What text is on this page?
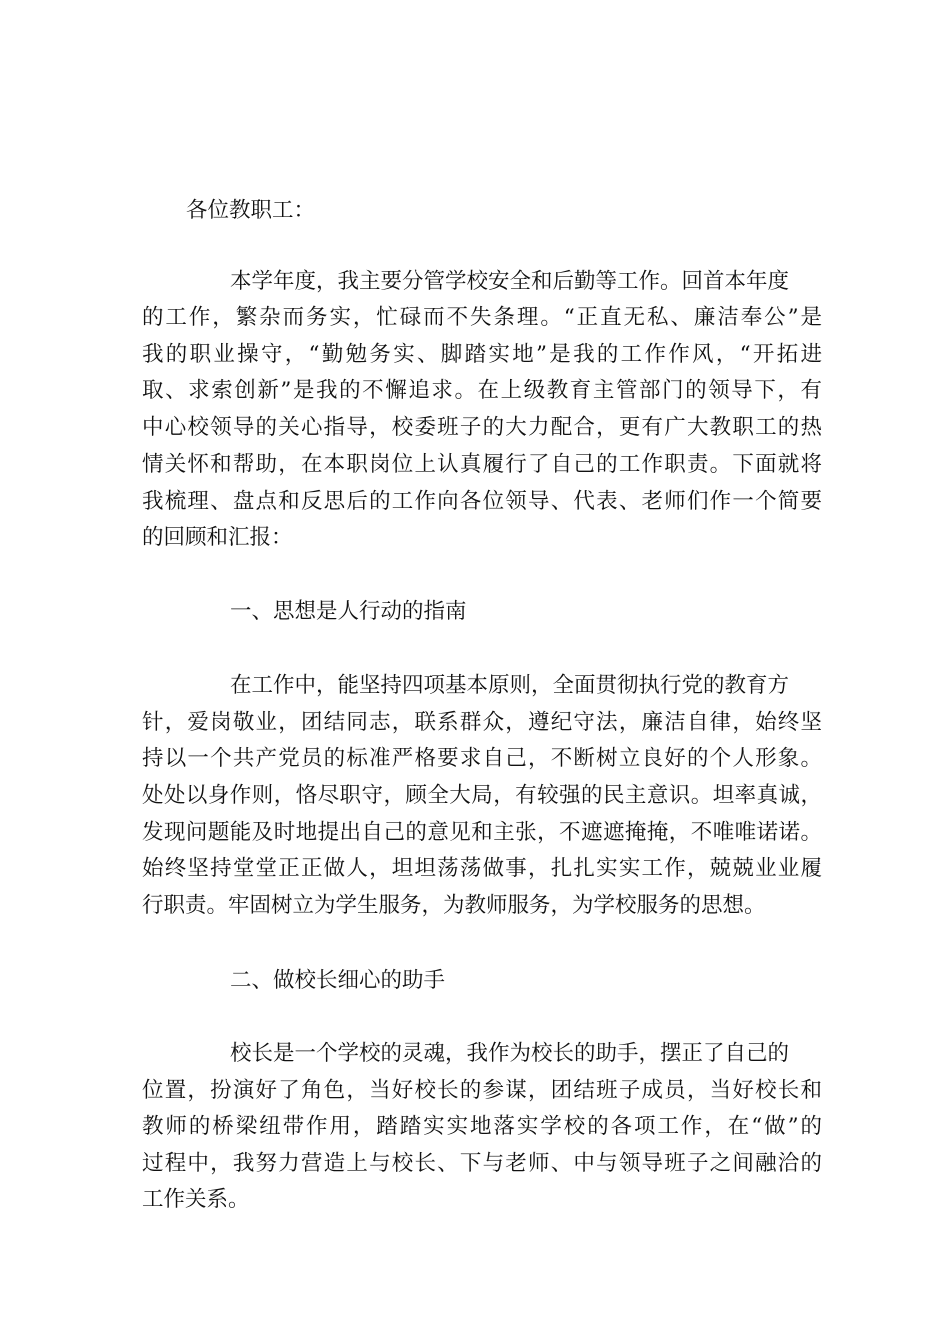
各位教职工：
本学年度，我主要分管学校安全和后勤等工作。回首本年度
的工作，繁杂而务实，忙碌而不失条理。“正直无私、廉洁奉公”是
我的职业操守，“勤勉务实、脚踏实地”是我的工作作风，“开拓进
取、求索创新”是我的不懈追求。在上级教育主管部门的领导下，有
中心校领导的关心指导，校委班子的大力配合，更有广大教职工的热
情关怀和帮助，在本职岗位上认真履行了自己的工作职责。下面就将
我梳理、盘点和反思后的工作向各位领导、代表、老师们作一个简要
的回顾和汇报：
一、思想是人行动的指南
在工作中，能坚持四项基本原则，全面贯彻执行党的教育方
针，爱岗敬业，团结同志，联系群众，遵纪守法，廉洁自律，始终坚
持以一个共产党员的标准严格要求自己，不断树立良好的个人形象。
处处以身作则，恪尽职守，顾全大局，有较强的民主意识。坦率真诚，
发现问题能及时地提出自己的意见和主张，不遮遮掩掩，不唯唯诺诺。
始终坚持堂堂正正做人，坦坦荡荡做事，扎扎实实工作，兢兢业业履
行职责。牢固树立为学生服务，为教师服务，为学校服务的思想。
二、做校长细心的助手
校长是一个学校的灵魂，我作为校长的助手，摆正了自己的
位置，扮演好了角色，当好校长的参谋，团结班子成员，当好校长和
教师的桥梁纽带作用，踏踏实实地落实学校的各项工作，在“做”的
过程中，我努力营造上与校长、下与老师、中与领导班子之间融洽的
工作关系。
